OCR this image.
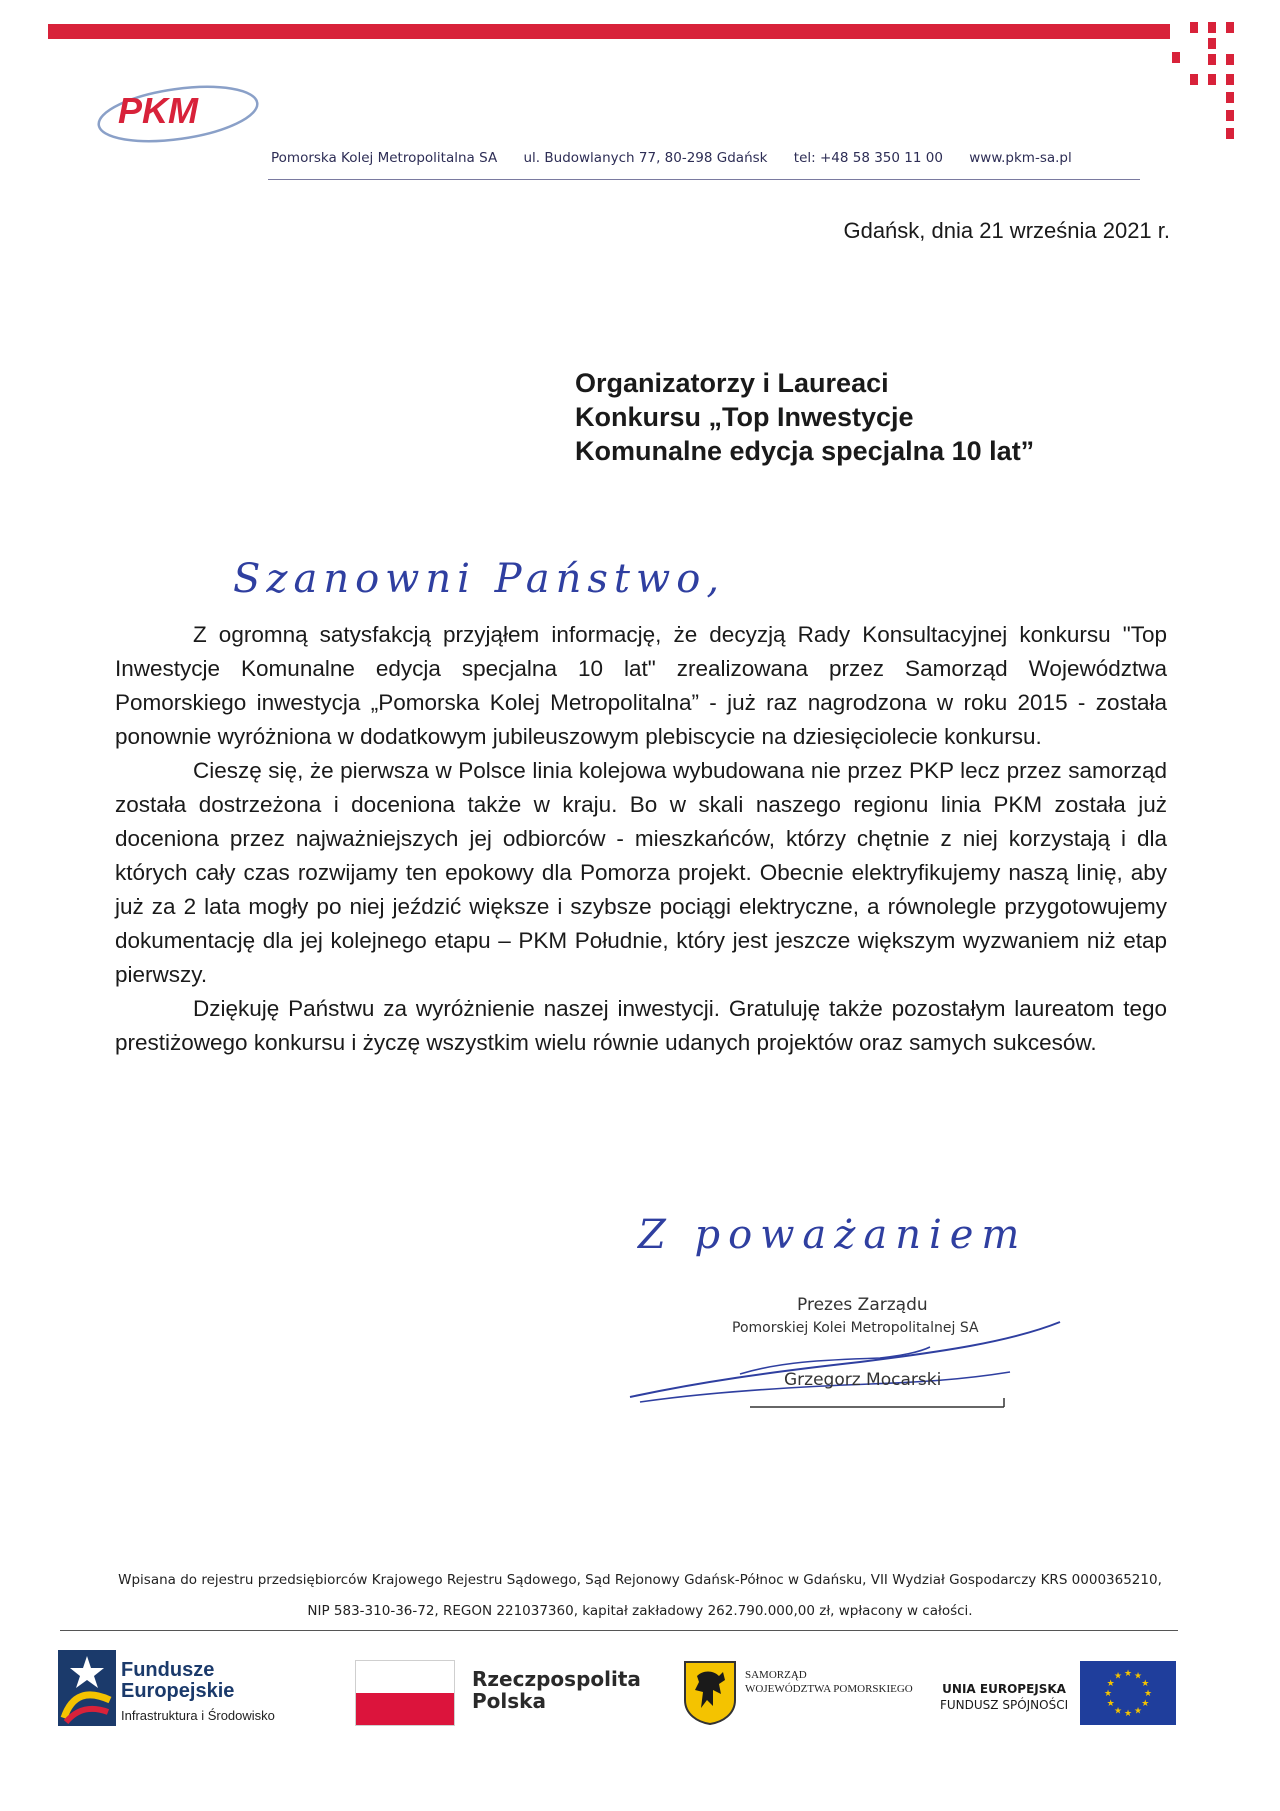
PKM
Pomorska Kolej Metropolitalna SA ul. Budowlanych 77, 80-298 Gdańsk tel: +48 58 350 11 00 www.pkm-sa.pl
Gdańsk, dnia 21 września 2021 r.
Organizatorzy i Laureaci
Konkursu „Top Inwestycje
Komunalne edycja specjalna 10 lat”
Szanowni Państwo,

Z ogromną satysfakcją przyjąłem informację, że decyzją Rady Konsultacyjnej konkursu "Top Inwestycje Komunalne edycja specjalna 10 lat" zrealizowana przez Samorząd Województwa Pomorskiego inwestycja „Pomorska Kolej Metropolitalna” - już raz nagrodzona w roku 2015 - została ponownie wyróżniona w dodatkowym jubileuszowym plebiscycie na dziesięciolecie konkursu.

Cieszę się, że pierwsza w Polsce linia kolejowa wybudowana nie przez PKP lecz przez samorząd została dostrzeżona i doceniona także w kraju. Bo w skali naszego regionu linia PKM została już doceniona przez najważniejszych jej odbiorców - mieszkańców, którzy chętnie z niej korzystają i dla których cały czas rozwijamy ten epokowy dla Pomorza projekt. Obecnie elektryfikujemy naszą linię, aby już za 2 lata mogły po niej jeździć większe i szybsze pociągi elektryczne, a równolegle przygotowujemy dokumentację dla jej kolejnego etapu – PKM Południe, który jest jeszcze większym wyzwaniem niż etap pierwszy.

Dziękuję Państwu za wyróżnienie naszej inwestycji. Gratuluję także pozostałym laureatom tego prestiżowego konkursu i życzę wszystkim wielu równie udanych projektów oraz samych sukcesów.

Z poważaniem
Prezes Zarządu
Pomorskiej Kolei Metropolitalnej SA
Grzegorz Mocarski
Wpisana do rejestru przedsiębiorców Krajowego Rejestru Sądowego, Sąd Rejonowy Gdańsk-Północ w Gdańsku, VII Wydział Gospodarczy KRS 0000365210,
NIP 583-310-36-72, REGON 221037360, kapitał zakładowy 262.790.000,00 zł, wpłacony w całości.
Fundusze
Europejskie
Infrastruktura i Środowisko
Rzeczpospolita
Polska
SAMORZĄD
WOJEWÓDZTWA POMORSKIEGO UNIA EUROPEJSKA
FUNDUSZ SPÓJNOŚCI
★
★
★
★
★
★
★
★
★ ★ ★
★
